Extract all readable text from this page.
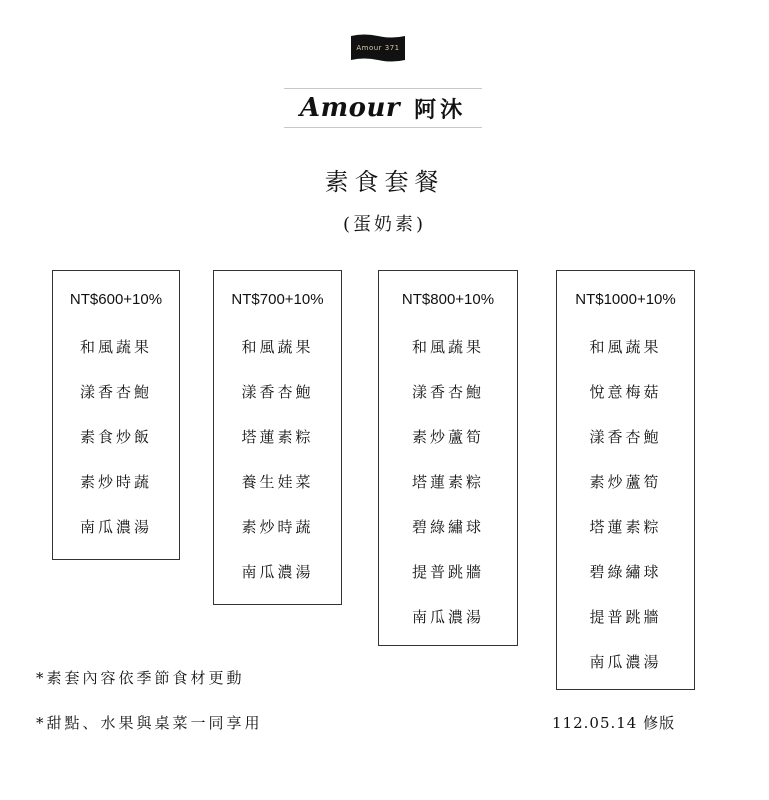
Amour 371
Amour 阿沐
素食套餐
(蛋奶素)
NT$600+10%
和風蔬果
漾香杏鮑
素食炒飯
素炒時蔬
南瓜濃湯
NT$700+10%
和風蔬果
漾香杏鮑
塔蓮素粽
養生娃菜
素炒時蔬
南瓜濃湯
NT$800+10%
和風蔬果
漾香杏鮑
素炒蘆筍
塔蓮素粽
碧綠繡球
提普跳牆
南瓜濃湯
NT$1000+10%
和風蔬果
悅意梅菇
漾香杏鮑
素炒蘆筍
塔蓮素粽
碧綠繡球
提普跳牆
南瓜濃湯
*素套內容依季節食材更動
*甜點、水果與桌菜一同享用	112.05.14 修版
